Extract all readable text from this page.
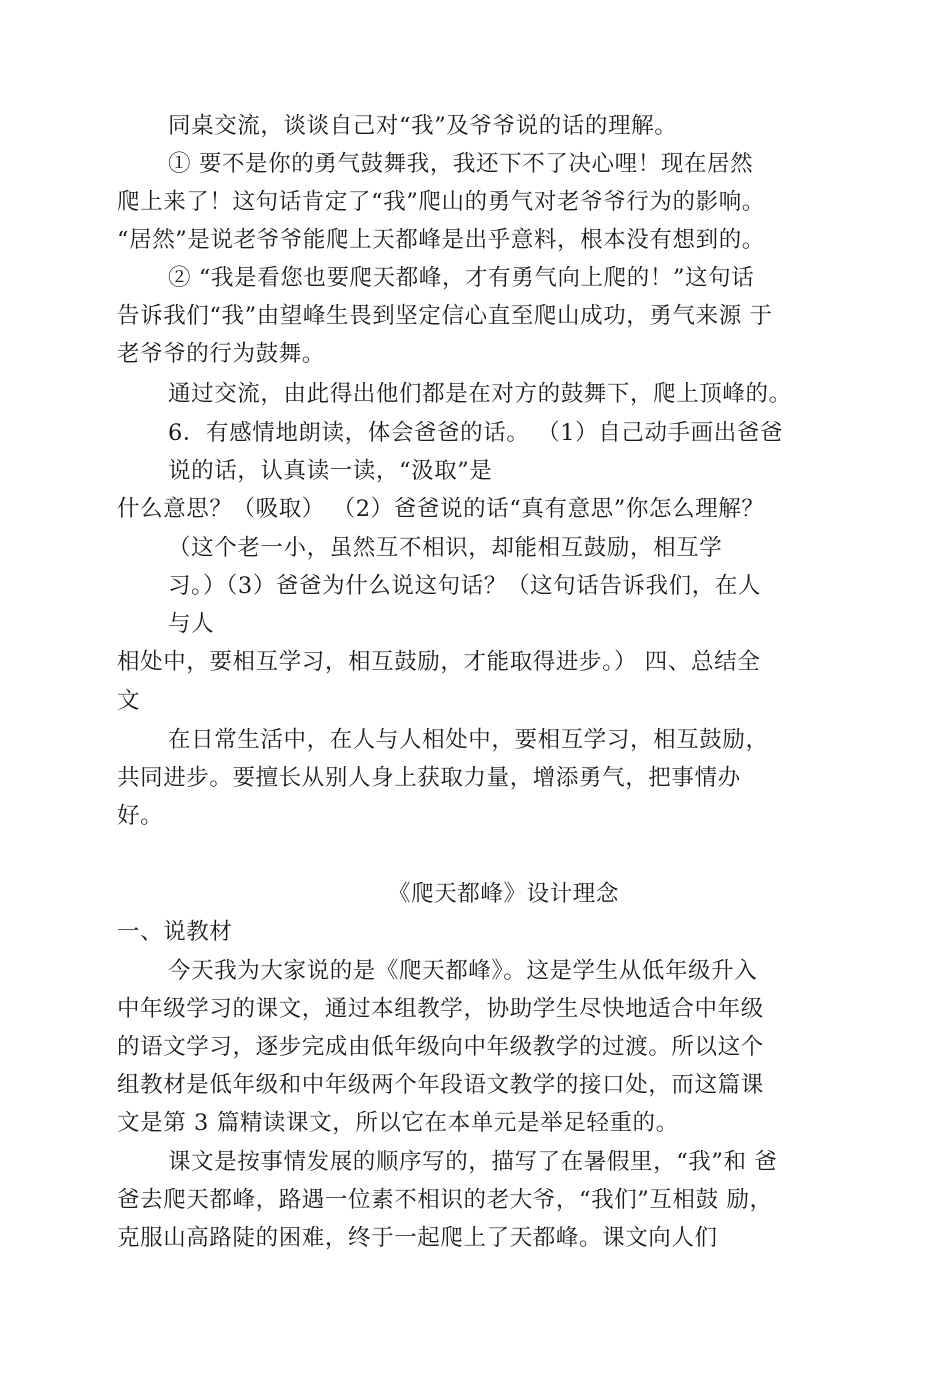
同桌交流，谈谈自己对“我”及爷爷说的话的理解。
① 要不是你的勇气鼓舞我，我还下不了决心哩！现在居然
爬上来了！这句话肯定了“我”爬山的勇气对老爷爷行为的影响。
“居然”是说老爷爷能爬上天都峰是出乎意料，根本没有想到的。
② “我是看您也要爬天都峰，才有勇气向上爬的！”这句话
告诉我们“我”由望峰生畏到坚定信心直至爬山成功，勇气来源 于
老爷爷的行为鼓舞。
通过交流，由此得出他们都是在对方的鼓舞下，爬上顶峰的。
6．有感情地朗读，体会爸爸的话。 （1）自己动手画出爸爸
说的话，认真读一读，“汲取”是
什么意思？（吸取） （2）爸爸说的话“真有意思”你怎么理解？
（这个老一小，虽然互不相识，却能相互鼓励，相互学
习。）（3）爸爸为什么说这句话？（这句话告诉我们，在人
与人
相处中，要相互学习，相互鼓励，才能取得进步。） 四、总结全
文
在日常生活中，在人与人相处中，要相互学习，相互鼓励，
共同进步。要擅长从别人身上获取力量，增添勇气，把事情办
好。
《爬天都峰》设计理念
一、说教材
今天我为大家说的是《爬天都峰》。这是学生从低年级升入
中年级学习的课文，通过本组教学，协助学生尽快地适合中年级
的语文学习，逐步完成由低年级向中年级教学的过渡。所以这个
组教材是低年级和中年级两个年段语文教学的接口处，而这篇课
文是第 3 篇精读课文，所以它在本单元是举足轻重的。
课文是按事情发展的顺序写的，描写了在暑假里，“我”和 爸
爸去爬天都峰，路遇一位素不相识的老大爷，“我们”互相鼓 励，
克服山高路陡的困难，终于一起爬上了天都峰。课文向人们
